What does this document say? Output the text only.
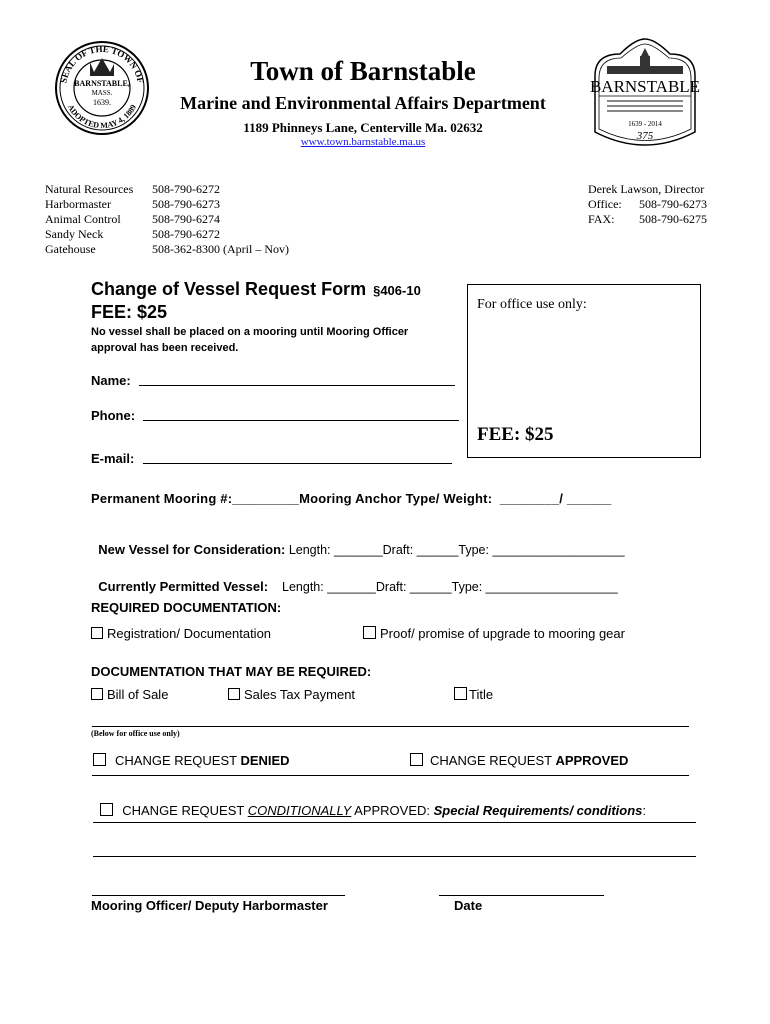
SEAL OF THE TOWN OF
ADOPTED MAY 4, 1889
BARNSTABLE,
MASS.
1639.
Town of Barnstable
Marine and Environmental Affairs Department
1189 Phinneys Lane, Centerville Ma. 02632
www.town.barnstable.ma.us
BARNSTABLE
1639 - 2014
375
Natural Resources 508-790-6272
Harbormaster	508-790-6273
Animal Control	508-790-6274
Sandy Neck	508-790-6272
Gatehouse	508-362-8300 (April – Nov)
Derek Lawson, Director
Office: 508-790-6273
FAX: 508-790-6275
Change of Vessel Request Form §406-10
FEE: $25
No vessel shall be placed on a mooring until Mooring Officer approval has been received.
For office use only:
FEE: $25
Name:
Phone:
E-mail:
Permanent Mooring #:_________Mooring Anchor Type/ Weight:  ________/ ______

New Vessel for Consideration: Length: _______Draft: ______Type: ___________________

Currently Permitted Vessel: Length: _______Draft: ______Type: ___________________

REQUIRED DOCUMENTATION:
Registration/ Documentation	Proof/ promise of upgrade to mooring gear
DOCUMENTATION THAT MAY BE REQUIRED:
Bill of Sale	Sales Tax Payment	Title
(Below for office use only)
CHANGE REQUEST DENIED	CHANGE REQUEST APPROVED

CHANGE REQUEST CONDITIONALLY APPROVED: Special Requirements/ conditions:

Mooring Officer/ Deputy Harbormaster	Date
